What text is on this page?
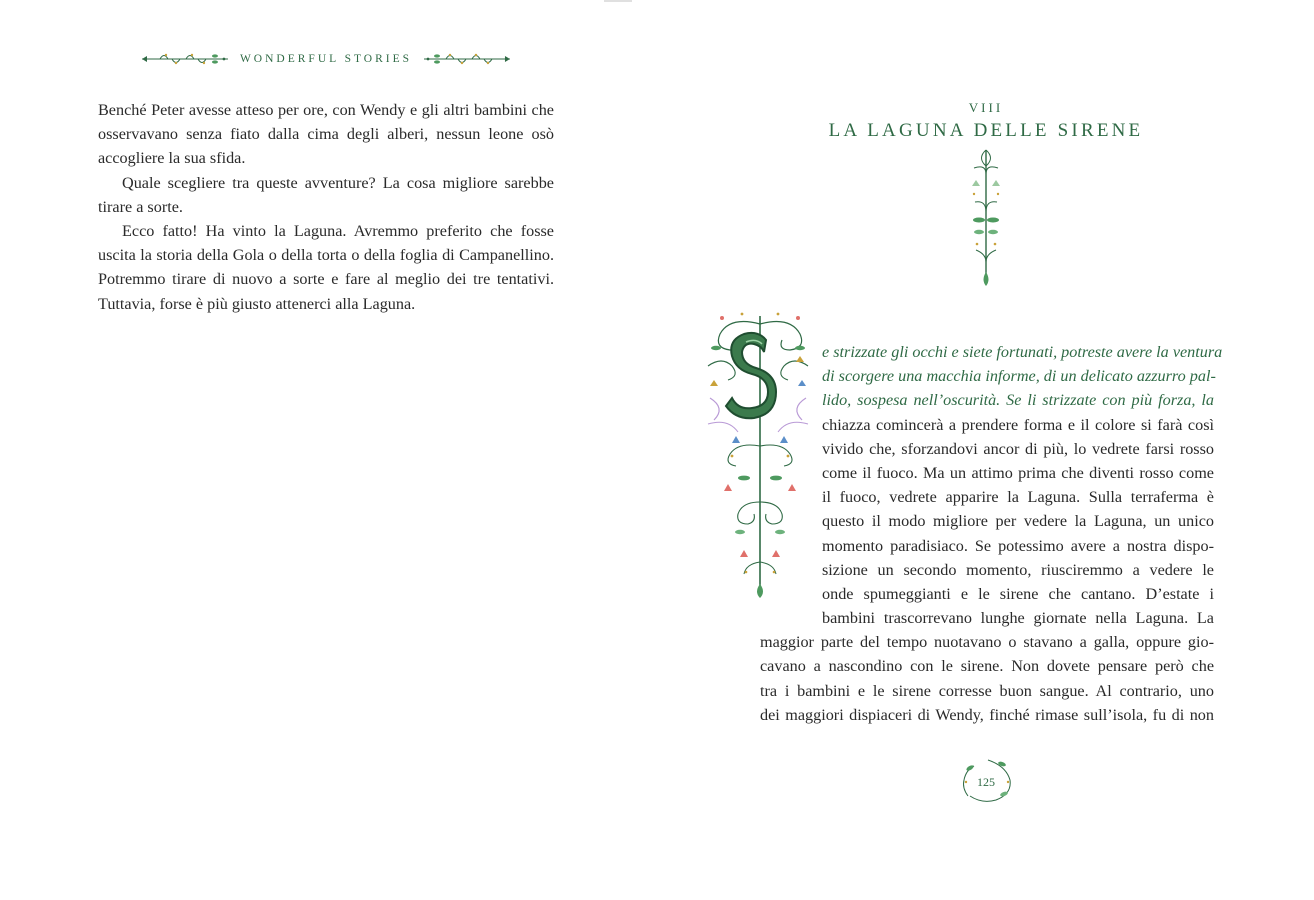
WONDERFUL STORIES

Benché Peter avesse atteso per ore, con Wendy e gli altri bambini che osservavano senza fiato dalla cima degli alberi, nessun leone osò accogliere la sua sfida.

Quale scegliere tra queste avventure? La cosa migliore sarebbe tirare a sorte.

Ecco fatto! Ha vinto la Laguna. Avremmo preferito che fosse uscita la storia della Gola o della torta o della foglia di Campanellino. Potremmo tirare di nuovo a sorte e fare al meglio dei tre tentativi. Tuttavia, forse è più giusto attenerci alla Laguna.

VIII
LA LAGUNA DELLE SIRENE
e strizzate gli occhi e siete fortunati, potreste avere la ventura
di scorgere una macchia informe, di un delicato azzurro pal-
lido, sospesa nell’oscurità. Se li strizzate con più forza, la
chiazza comincerà a prendere forma e il colore si farà così
vivido che, sforzandovi ancor di più, lo vedrete farsi rosso
come il fuoco. Ma un attimo prima che diventi rosso come
il fuoco, vedrete apparire la Laguna. Sulla terraferma è
questo il modo migliore per vedere la Laguna, un unico
momento paradisiaco. Se potessimo avere a nostra dispo-
sizione un secondo momento, riusciremmo a vedere le
onde spumeggianti e le sirene che cantano. D’estate i
bambini trascorrevano lunghe giornate nella Laguna. La
maggior parte del tempo nuotavano o stavano a galla, oppure gio-
cavano a nascondino con le sirene. Non dovete pensare però che
tra i bambini e le sirene corresse buon sangue. Al contrario, uno
dei maggiori dispiaceri di Wendy, finché rimase sull’isola, fu di non
125
